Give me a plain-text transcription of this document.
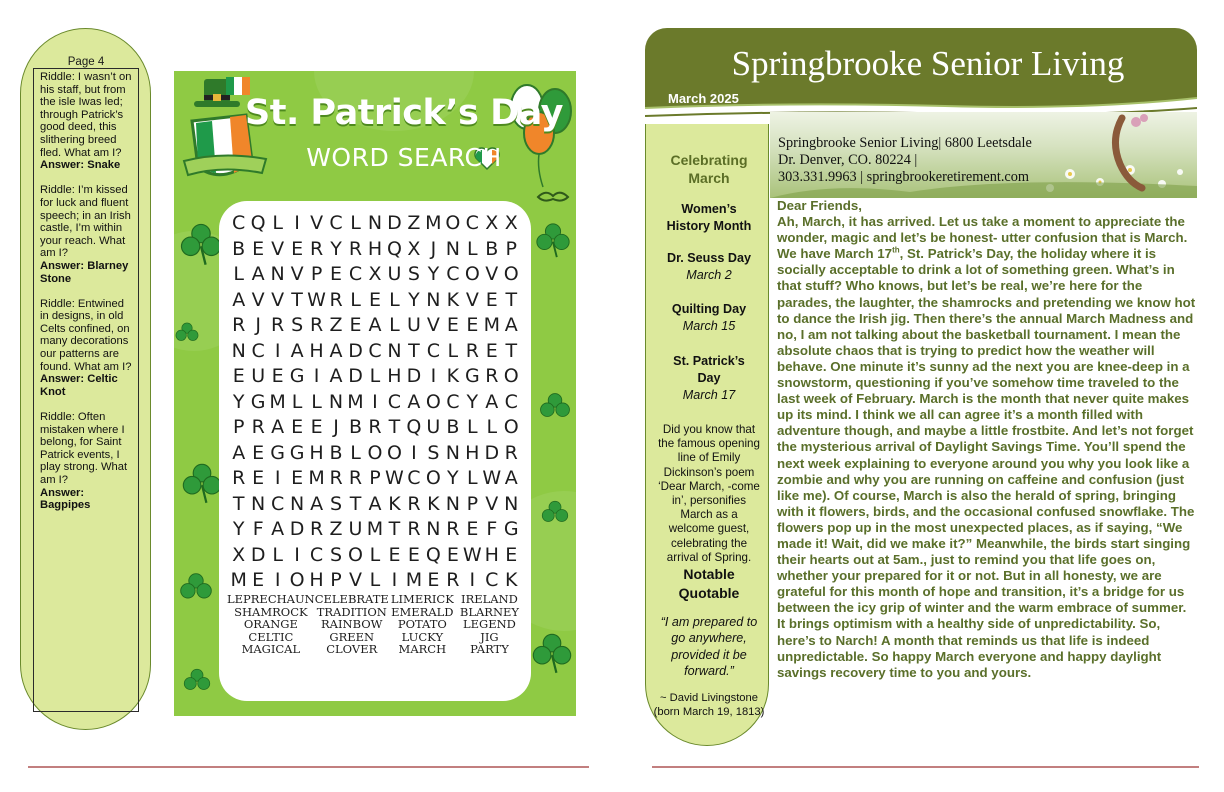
Page 4
Riddle: I wasn’t on his staff, but from the isle Iwas led; through Patrick’s good deed, this slithering breed fled. What am I?
Answer: Snake
Riddle: I’m kissed for luck and fluent speech; in an Irish castle, I’m within your reach. What am I?
Answer: Blarney Stone
Riddle: Entwined in designs, in old Celts confined, on many decorations our patterns are found. What am I?
Answer: Celtic Knot
Riddle: Often mistaken where I belong, for Saint Patrick events, I play strong. What am I?
Answer: Bagpipes
St. Patrick’s Day
WORD SEARCH
C Q L I V C L N D Z M O C X X
B E V E R Y R H Q X J N L B P
L A N V P E C X U S Y C O V O
A V V T W R L E L Y N K V E T
R J R S R Z E A L U V E E M A
N C I A H A D C N T C L R E T
E U E G I A D L H D I K G R O
Y G M L L N M I C A O C Y A C
P R A E E J B R T Q U B L L O
A E G G H B L O O I S N H D R
R E I E M R R P W C O Y L W A
T N C N A S T A K R K N P V N
Y F A D R Z U M T R N R E F G
X D L I C S O L E E Q E W H E
M E I O H P V L I M E R I C K
LEPRECHAUN CELEBRATE LIMERICK IRELAND
SHAMROCK TRADITION EMERALD BLARNEY
ORANGE	RAINBOW	POTATO	LEGEND
CELTIC	GREEN	LUCKY	JIG
MAGICAL	CLOVER	MARCH	PARTY
Springbrooke Senior Living
March 2025
Springbrooke Senior Living| 6800 Leetsdale
Dr. Denver, CO. 80224 |
303.331.9963 | springbrookeretirement.com
Celebrating
March
Women’s
History Month
Dr. Seuss Day
March 2
Quilting Day
March 15
St. Patrick’s
Day
March 17
Did you know that
the famous opening
line of Emily
Dickinson’s poem
‘Dear March, -come
in’, personifies
March as a
welcome guest,
celebrating the
arrival of Spring.
Notable
Quotable
“I am prepared to
go anywhere,
provided it be
forward.”
~ David Livingstone
(born March 19, 1813)
Dear Friends,
Ah, March, it has arrived. Let us take a moment to appreciate the wonder, magic and let’s be honest- utter confusion that is March. We have March 17th, St. Patrick’s Day, the holiday where it is socially acceptable to drink a lot of something green. What’s in that stuff? Who knows, but let’s be real, we’re here for the parades, the laughter, the shamrocks and pretending we know hot to dance the Irish jig. Then there’s the annual March Madness and no, I am not talking about the basketball tournament. I mean the absolute chaos that is trying to predict how the weather will behave. One minute it’s sunny ad the next you are knee-deep in a snowstorm, questioning if you’ve somehow time traveled to the last week of February. March is the month that never quite makes up its mind. I think we all can agree it’s a month filled with adventure though, and maybe a little frostbite. And let’s not forget the mysterious arrival of Daylight Savings Time. You’ll spend the next week explaining to everyone around you why you look like a zombie and why you are running on caffeine and confusion (just like me). Of course, March is also the herald of spring, bringing with it flowers, birds, and the occasional confused snowflake. The flowers pop up in the most unexpected places, as if saying, “We made it! Wait, did we make it?” Meanwhile, the birds start singing their hearts out at 5am., just to remind you that life goes on, whether your prepared for it or not. But in all honesty, we are grateful for this month of hope and transition, it’s a bridge for us between the icy grip of winter and the warm embrace of summer. It brings optimism with a healthy side of unpredictability. So, here’s to Narch! A month that reminds us that life is indeed unpredictable. So happy March everyone and happy daylight savings recovery time to you and yours.
